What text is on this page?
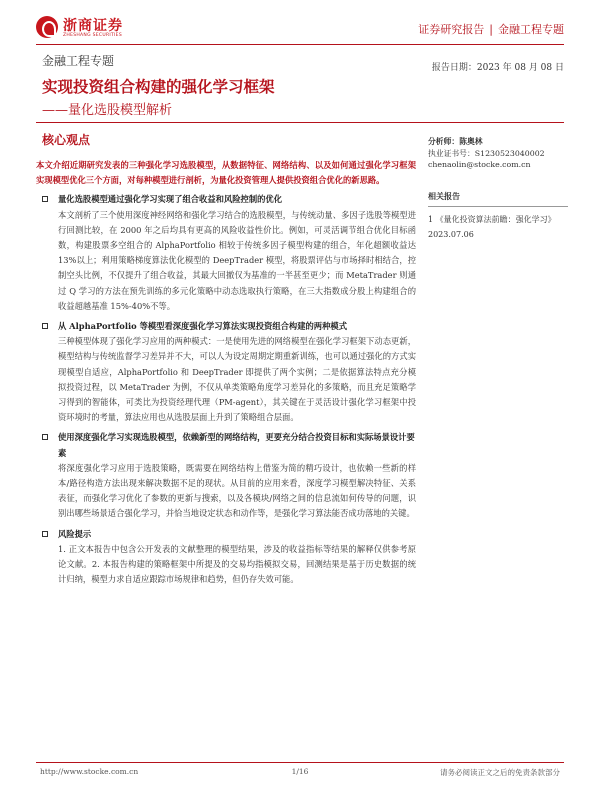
浙商证券
ZHESHANG SECURITIES	证券研究报告 | 金融工程专题
金融工程专题	报告日期：2023 年 08 月 08 日
实现投资组合构建的强化学习框架
——量化选股模型解析
核心观点
本文介绍近期研究发表的三种强化学习选股模型，从数据特征、网络结构、以及如何通过强化学习框架实现模型优化三个方面，对每种模型进行剖析，为量化投资管理人提供投资组合优化的新思路。
量化选股模型通过强化学习实现了组合收益和风险控制的优化
本文剖析了三个使用深度神经网络和强化学习结合的选股模型，与传统动量、多因子选股等模型进行回测比较，在 2000 年之后均具有更高的风险收益性价比。例如，可灵活调节组合优化目标函数，构建股票多空组合的 AlphaPortfolio 相较于传统多因子模型构建的组合，年化超额收益达 13%以上；利用策略梯度算法优化模型的 DeepTrader 模型，将股票评估与市场择时相结合，控制空头比例，不仅提升了组合收益，其最大回撤仅为基准的一半甚至更少；而 MetaTrader 则通过 Q 学习的方法在预先训练的多元化策略中动态选取执行策略，在三大指数成分股上构建组合的收益超越基准 15%-40%不等。
从 AlphaPortfolio 等模型看深度强化学习算法实现投资组合构建的两种模式
三种模型体现了强化学习应用的两种模式：一是使用先进的网络模型在强化学习框架下动态更新，模型结构与传统监督学习差异并不大，可以人为设定周期定期重新训练，也可以通过强化的方式实现模型自适应，AlphaPortfolio 和 DeepTrader 即提供了两个实例；二是依据算法特点充分模拟投资过程，以 MetaTrader 为例，不仅从单类策略角度学习差异化的多策略，而且充足策略学习得到的智能体，可类比为投资经理代理（PM-agent），其关键在于灵活设计强化学习框架中投资环境时的考量，算法应用也从选股层面上升到了策略组合层面。
使用深度强化学习实现选股模型，依赖新型的网络结构，更要充分结合投资目标和实际场景设计要素
将深度强化学习应用于选股策略，既需要在网络结构上借鉴为简的精巧设计，也依赖一些新的样本/路径构造方法出现来解决数据不足的现状。从目前的应用来看，深度学习模型解决特征、关系表征，而强化学习优化了参数的更新与搜索，以及各模块/网络之间的信息流如何传导的问题，识别出哪些场景适合强化学习，并恰当地设定状态和动作等，是强化学习算法能否成功落地的关键。
风险提示
1. 正文本报告中包含公开发表的文献整理的模型结果，涉及的收益指标等结果的解释仅供参考原论文献。2. 本报告构建的策略框架中所提及的交易均指模拟交易，回测结果是基于历史数据的统计归纳，模型力求自适应跟踪市场规律和趋势，但仍存失效可能。
分析师：陈奥林
执业证书号：S1230523040002
chenaolin@stocke.com.cn
相关报告
1 《量化投资算法前瞻：强化学习》 2023.07.06
http://www.stocke.com.cn	1/16	请务必阅读正文之后的免责条款部分
